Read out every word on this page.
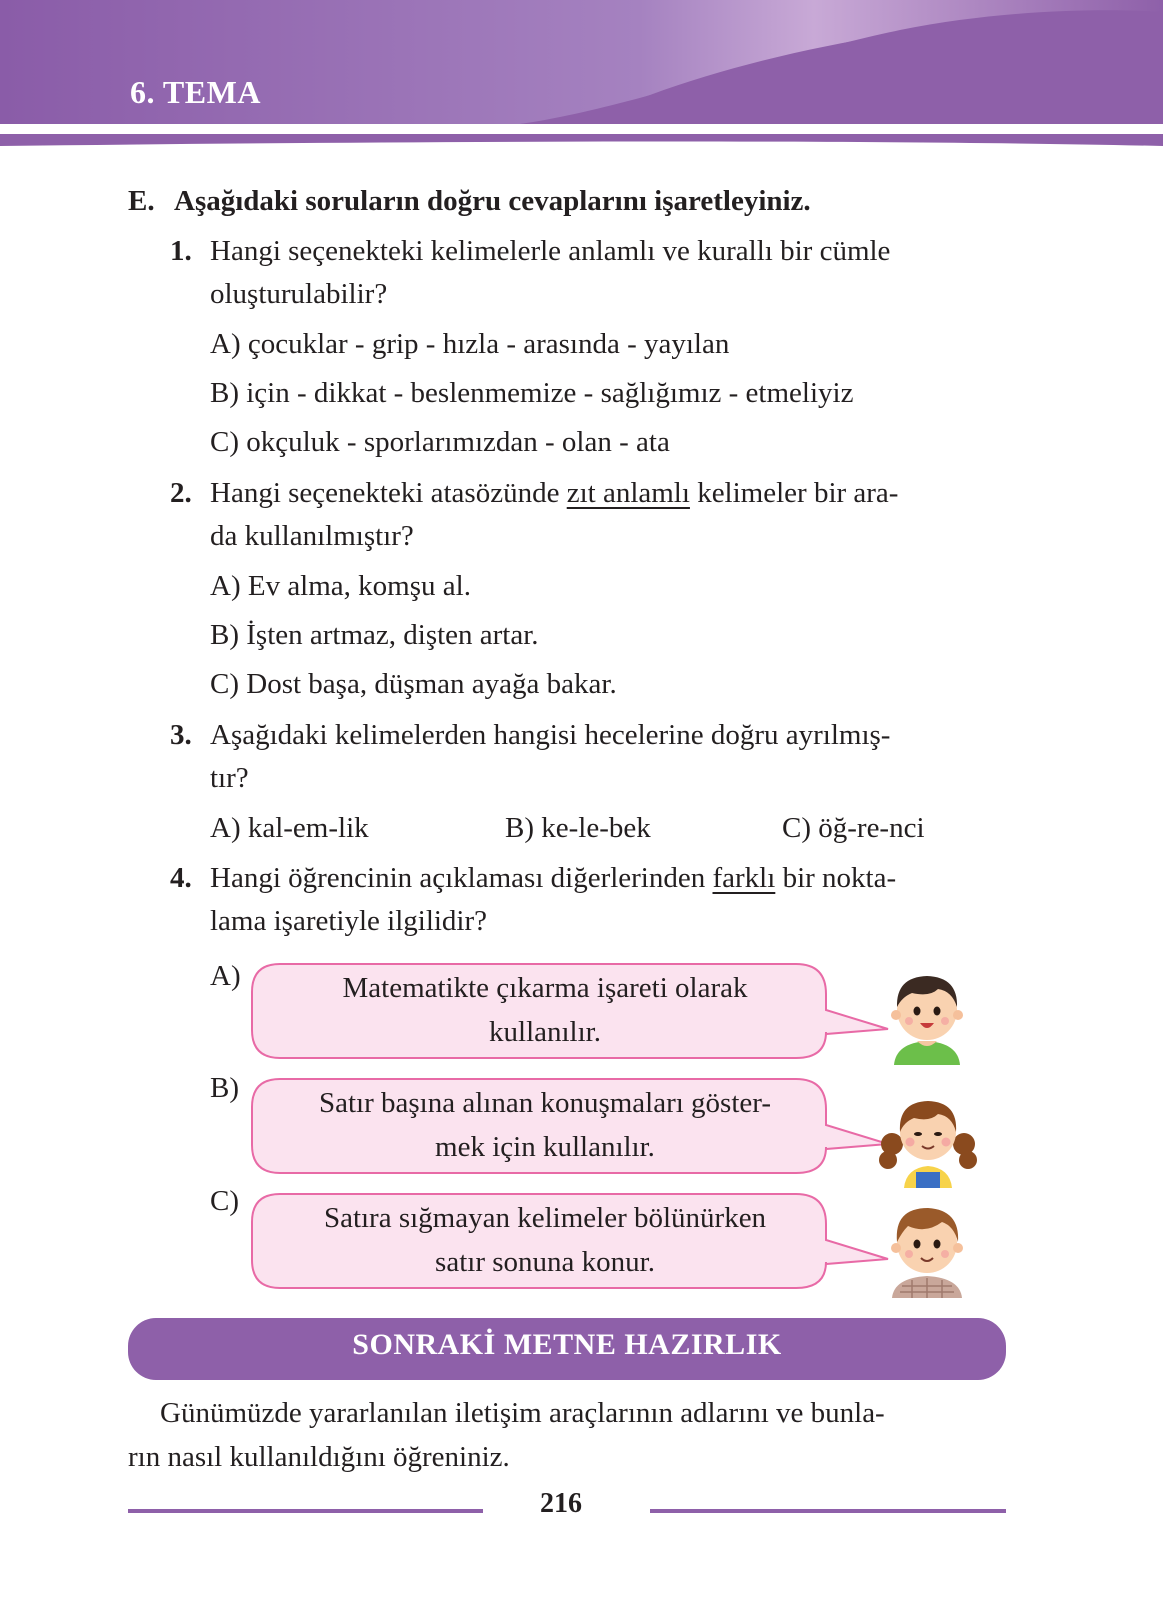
6. TEMA
E. Aşağıdaki soruların doğru cevaplarını işaretleyiniz.
1. Hangi seçenekteki kelimelerle anlamlı ve kurallı bir cümle
oluşturulabilir?
A) çocuklar - grip - hızla - arasında - yayılan
B) için - dikkat - beslenmemize - sağlığımız - etmeliyiz
C) okçuluk - sporlarımızdan - olan - ata
2. Hangi seçenekteki atasözünde zıt anlamlı kelimeler bir ara-
da kullanılmıştır?
A) Ev alma, komşu al.
B) İşten artmaz, dişten artar.
C) Dost başa, düşman ayağa bakar.
3. Aşağıdaki kelimelerden hangisi hecelerine doğru ayrılmış-
tır?
A) kal-em-lik	B) ke-le-bek	C) öğ-re-nci
4. Hangi öğrencinin açıklaması diğerlerinden farklı bir nokta-
lama işaretiyle ilgilidir?
A)	Matematikte çıkarma işareti olarak
kullanılır.
B)	Satır başına alınan konuşmaları göster-
mek için kullanılır.
C)
Satıra sığmayan kelimeler bölünürken
satır sonuna konur.
SONRAKİ METNE HAZIRLIK
Günümüzde yararlanılan iletişim araçlarının adlarını ve bunla-
rın nasıl kullanıldığını öğreniniz.
216
